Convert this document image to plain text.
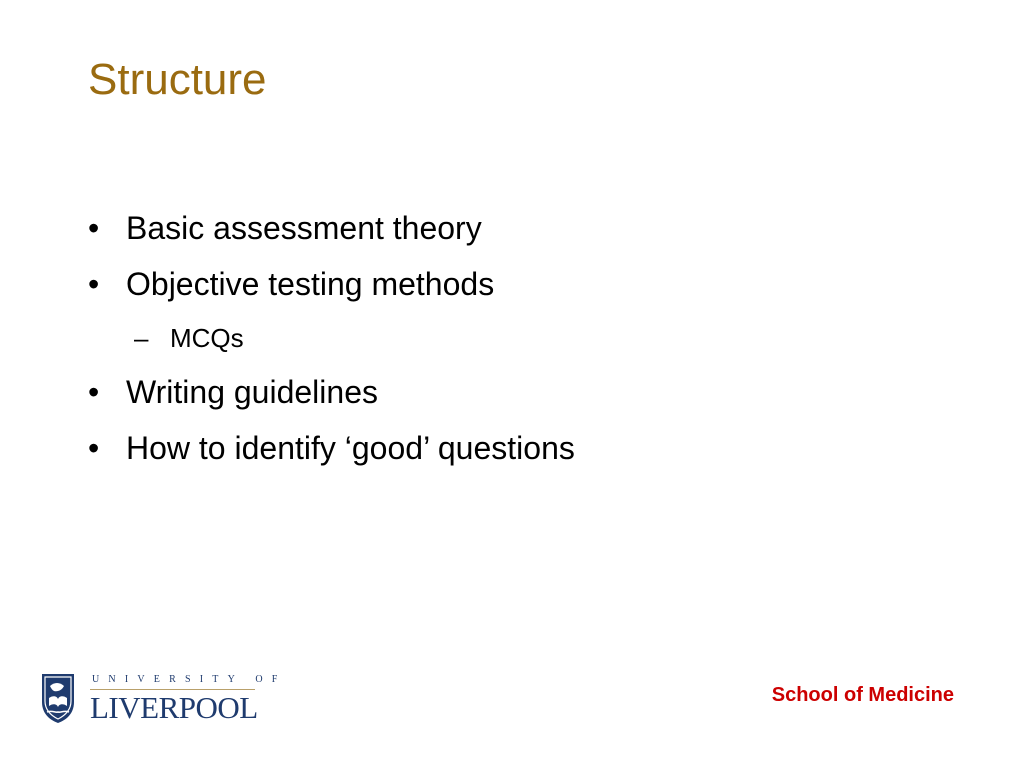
Structure
• Basic assessment theory
• Objective testing methods
– MCQs
• Writing guidelines
• How to identify ‘good’ questions
UNIVERSITY OF
LIVERPOOL	School of Medicine
